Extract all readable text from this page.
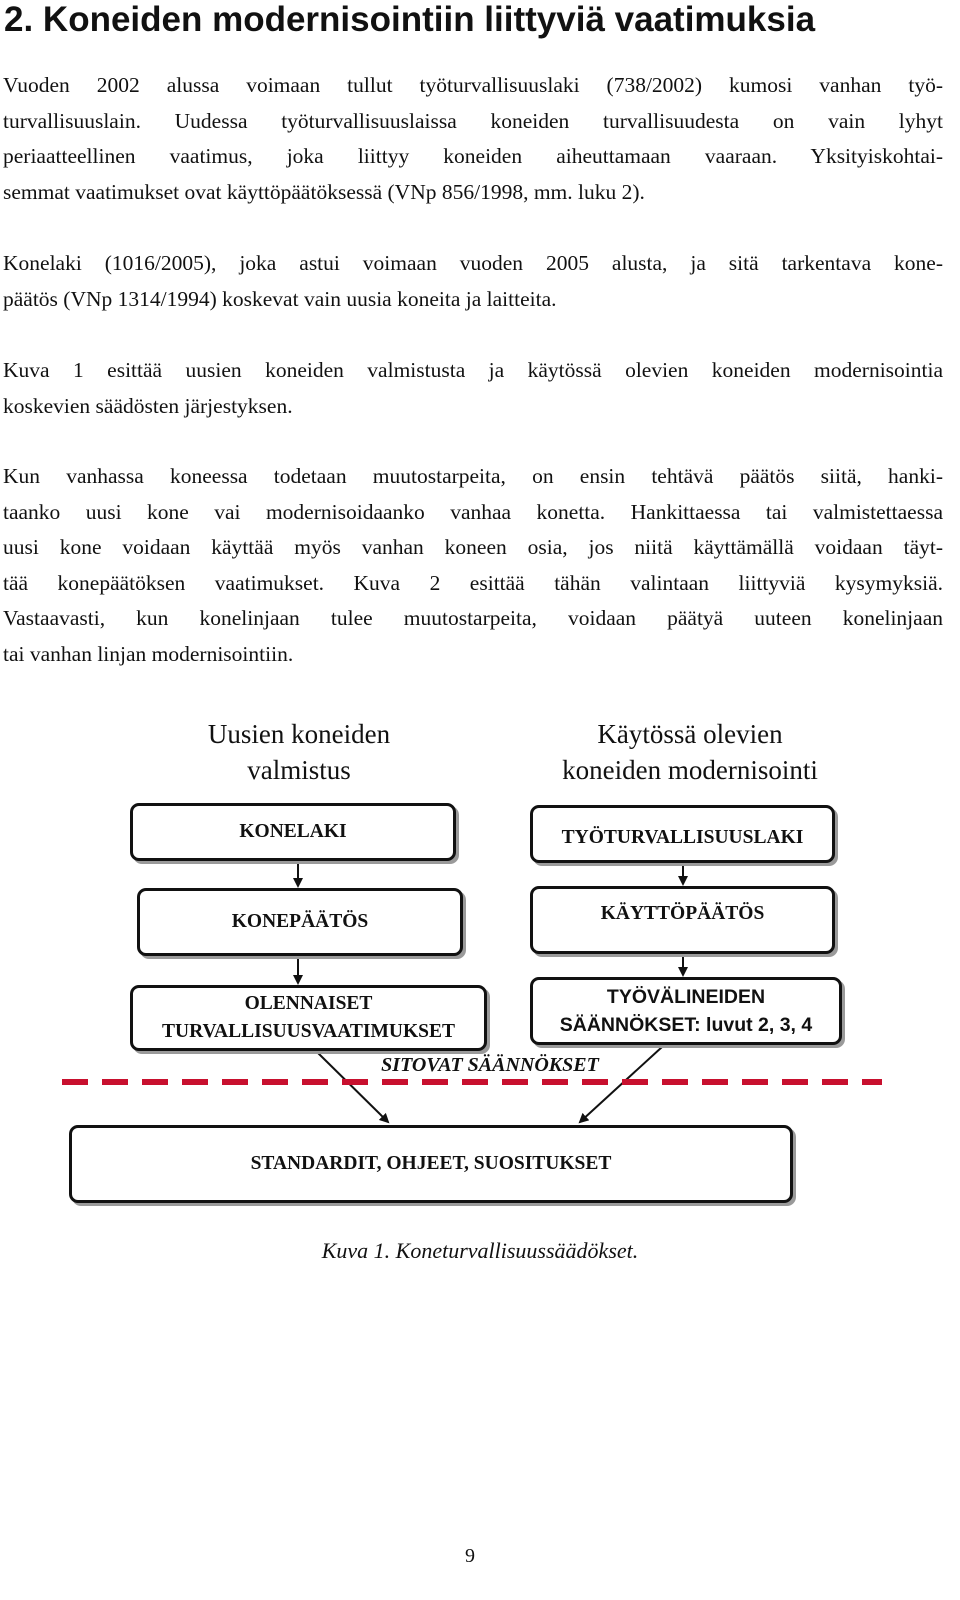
2. Koneiden modernisointiin liittyviä vaatimuksia
Vuoden 2002 alussa voimaan tullut työturvallisuuslaki (738/2002) kumosi vanhan työ-
turvallisuuslain. Uudessa työturvallisuuslaissa koneiden turvallisuudesta on vain lyhyt
periaatteellinen vaatimus, joka liittyy koneiden aiheuttamaan vaaraan. Yksityiskohtai-
semmat vaatimukset ovat käyttöpäätöksessä (VNp 856/1998, mm. luku 2).
Konelaki (1016/2005), joka astui voimaan vuoden 2005 alusta, ja sitä tarkentava kone-
päätös (VNp 1314/1994) koskevat vain uusia koneita ja laitteita.
Kuva 1 esittää uusien koneiden valmistusta ja käytössä olevien koneiden modernisointia
koskevien säädösten järjestyksen.
Kun vanhassa koneessa todetaan muutostarpeita, on ensin tehtävä päätös siitä, hanki-
taanko uusi kone vai modernisoidaanko vanhaa konetta. Hankittaessa tai valmistettaessa
uusi kone voidaan käyttää myös vanhan koneen osia, jos niitä käyttämällä voidaan täyt-
tää konepäätöksen vaatimukset. Kuva 2 esittää tähän valintaan liittyviä kysymyksiä.
Vastaavasti, kun konelinjaan tulee muutostarpeita, voidaan päätyä uuteen konelinjaan
tai vanhan linjan modernisointiin.
Uusien koneiden
valmistus
Käytössä olevien
koneiden modernisointi
KONELAKI
KONEPÄÄTÖS
OLENNAISET
TURVALLISUUSVAATIMUKSET
TYÖTURVALLISUUSLAKI
KÄYTTÖPÄÄTÖS
TYÖVÄLINEIDEN
SÄÄNNÖKSET: luvut 2, 3, 4
SITOVAT SÄÄNNÖKSET
STANDARDIT, OHJEET, SUOSITUKSET
Kuva 1. Koneturvallisuussäädökset.
9
